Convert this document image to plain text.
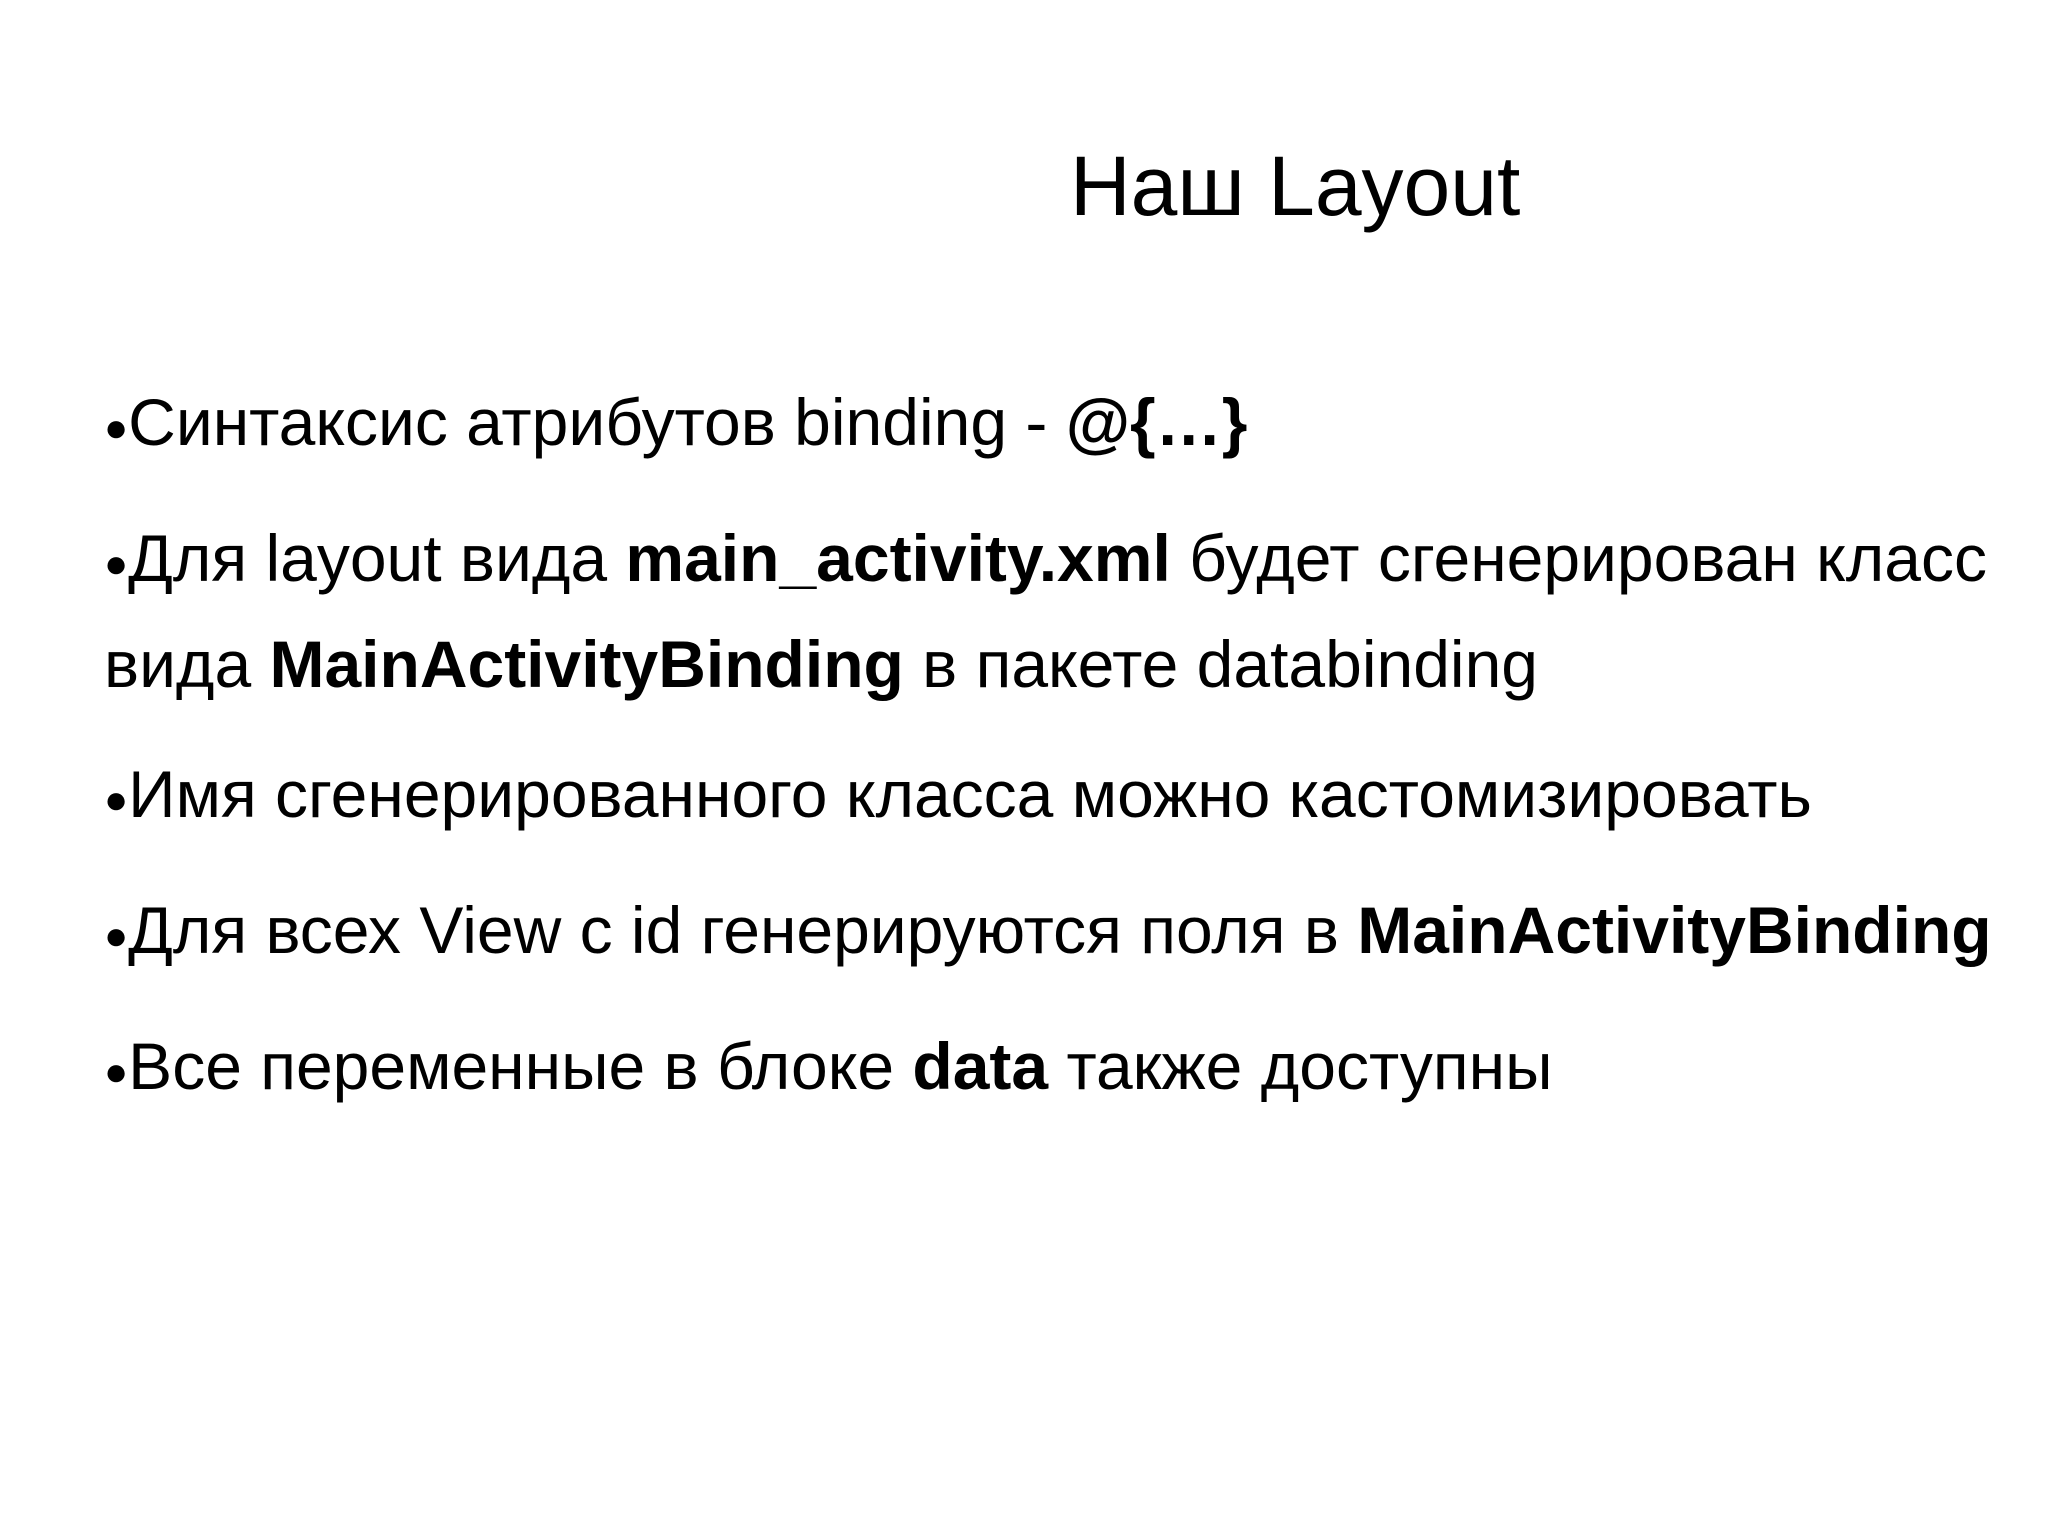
Наш Layout
●Синтаксис атрибутов binding - @{…}
●Для layout вида main_activity.xml будет сгенерирован класс вида MainActivityBinding в пакете databinding
●Имя сгенерированного класса можно кастомизировать
●Для всех View с id генерируются поля в MainActivityBinding
●Все переменные в блоке data также доступны
